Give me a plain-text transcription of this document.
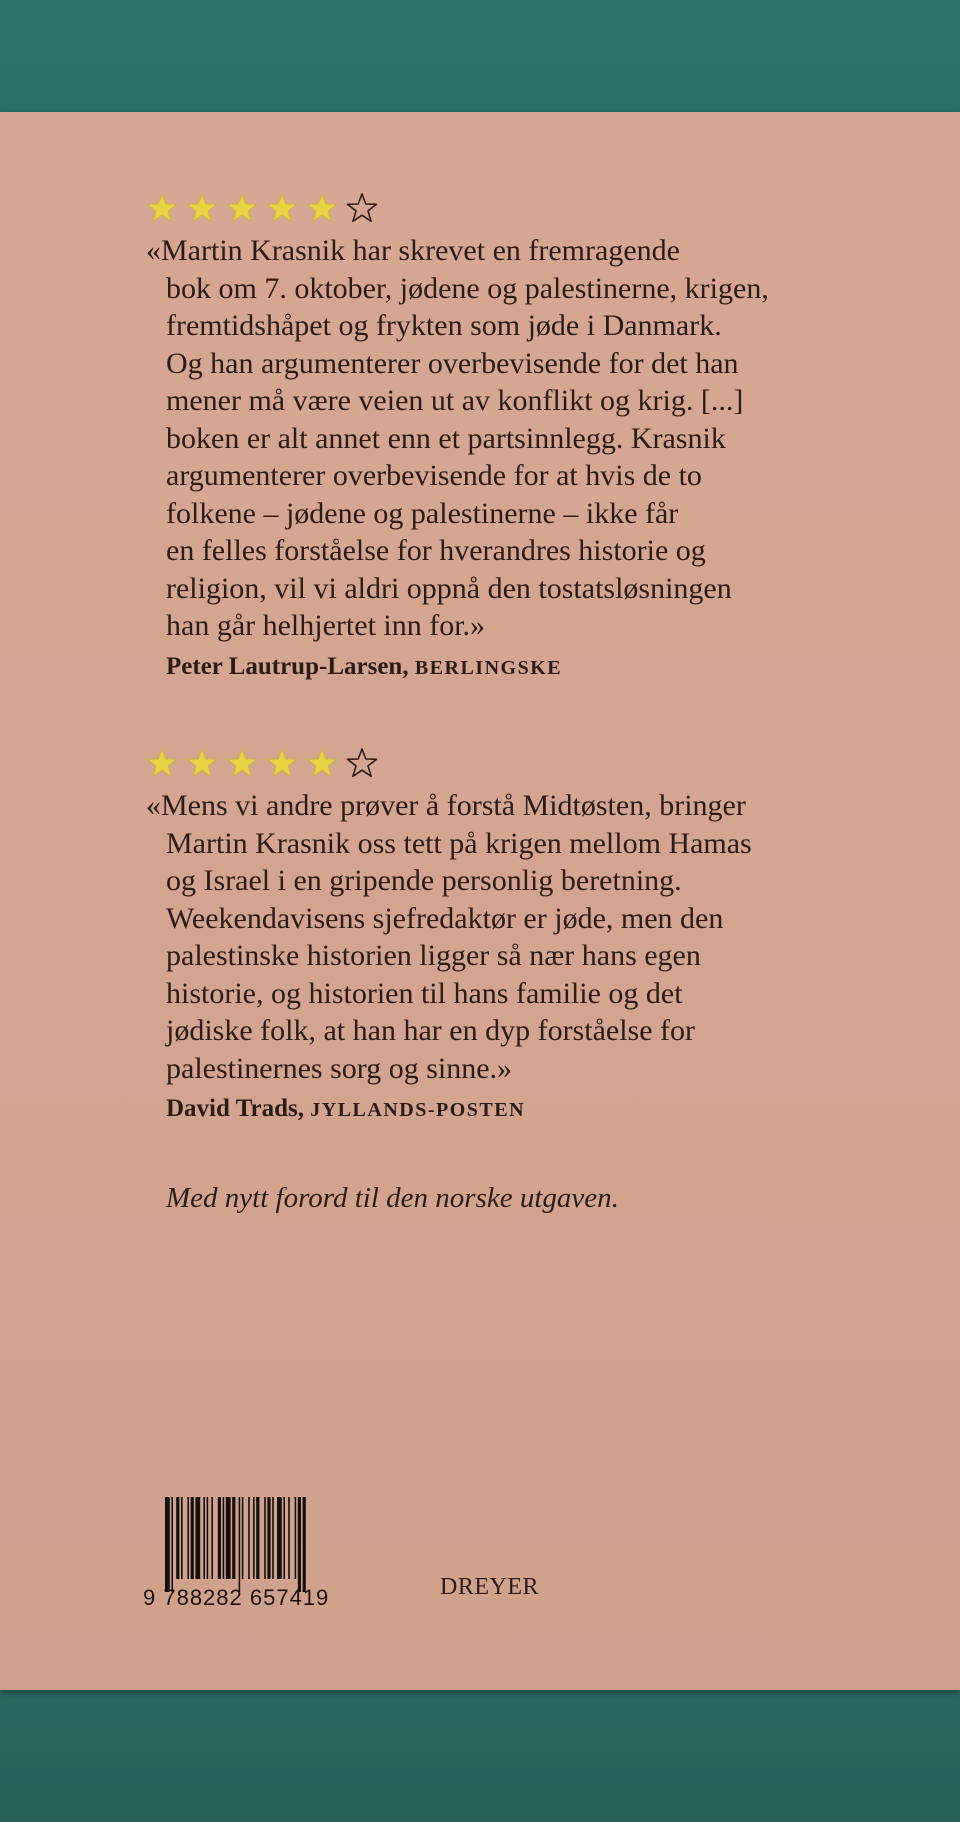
«Martin Krasnik har skrevet en fremragende
bok om 7. oktober, jødene og palestinerne, krigen,
fremtidshåpet og frykten som jøde i Danmark.
Og han argumenterer overbevisende for det han
mener må være veien ut av konflikt og krig. [...]
boken er alt annet enn et partsinnlegg. Krasnik
argumenterer overbevisende for at hvis de to
folkene – jødene og palestinerne – ikke får
en felles forståelse for hverandres historie og
religion, vil vi aldri oppnå den tostatsløsningen
han går helhjertet inn for.»
Peter Lautrup-Larsen, BERLINGSKE
«Mens vi andre prøver å forstå Midtøsten, bringer
Martin Krasnik oss tett på krigen mellom Hamas
og Israel i en gripende personlig beretning.
Weekendavisens sjefredaktør er jøde, men den
palestinske historien ligger så nær hans egen
historie, og historien til hans familie og det
jødiske folk, at han har en dyp forståelse for
palestinernes sorg og sinne.»
David Trads, JYLLANDS-POSTEN
Med nytt forord til den norske utgaven.
9 788282 657419	DREYER
